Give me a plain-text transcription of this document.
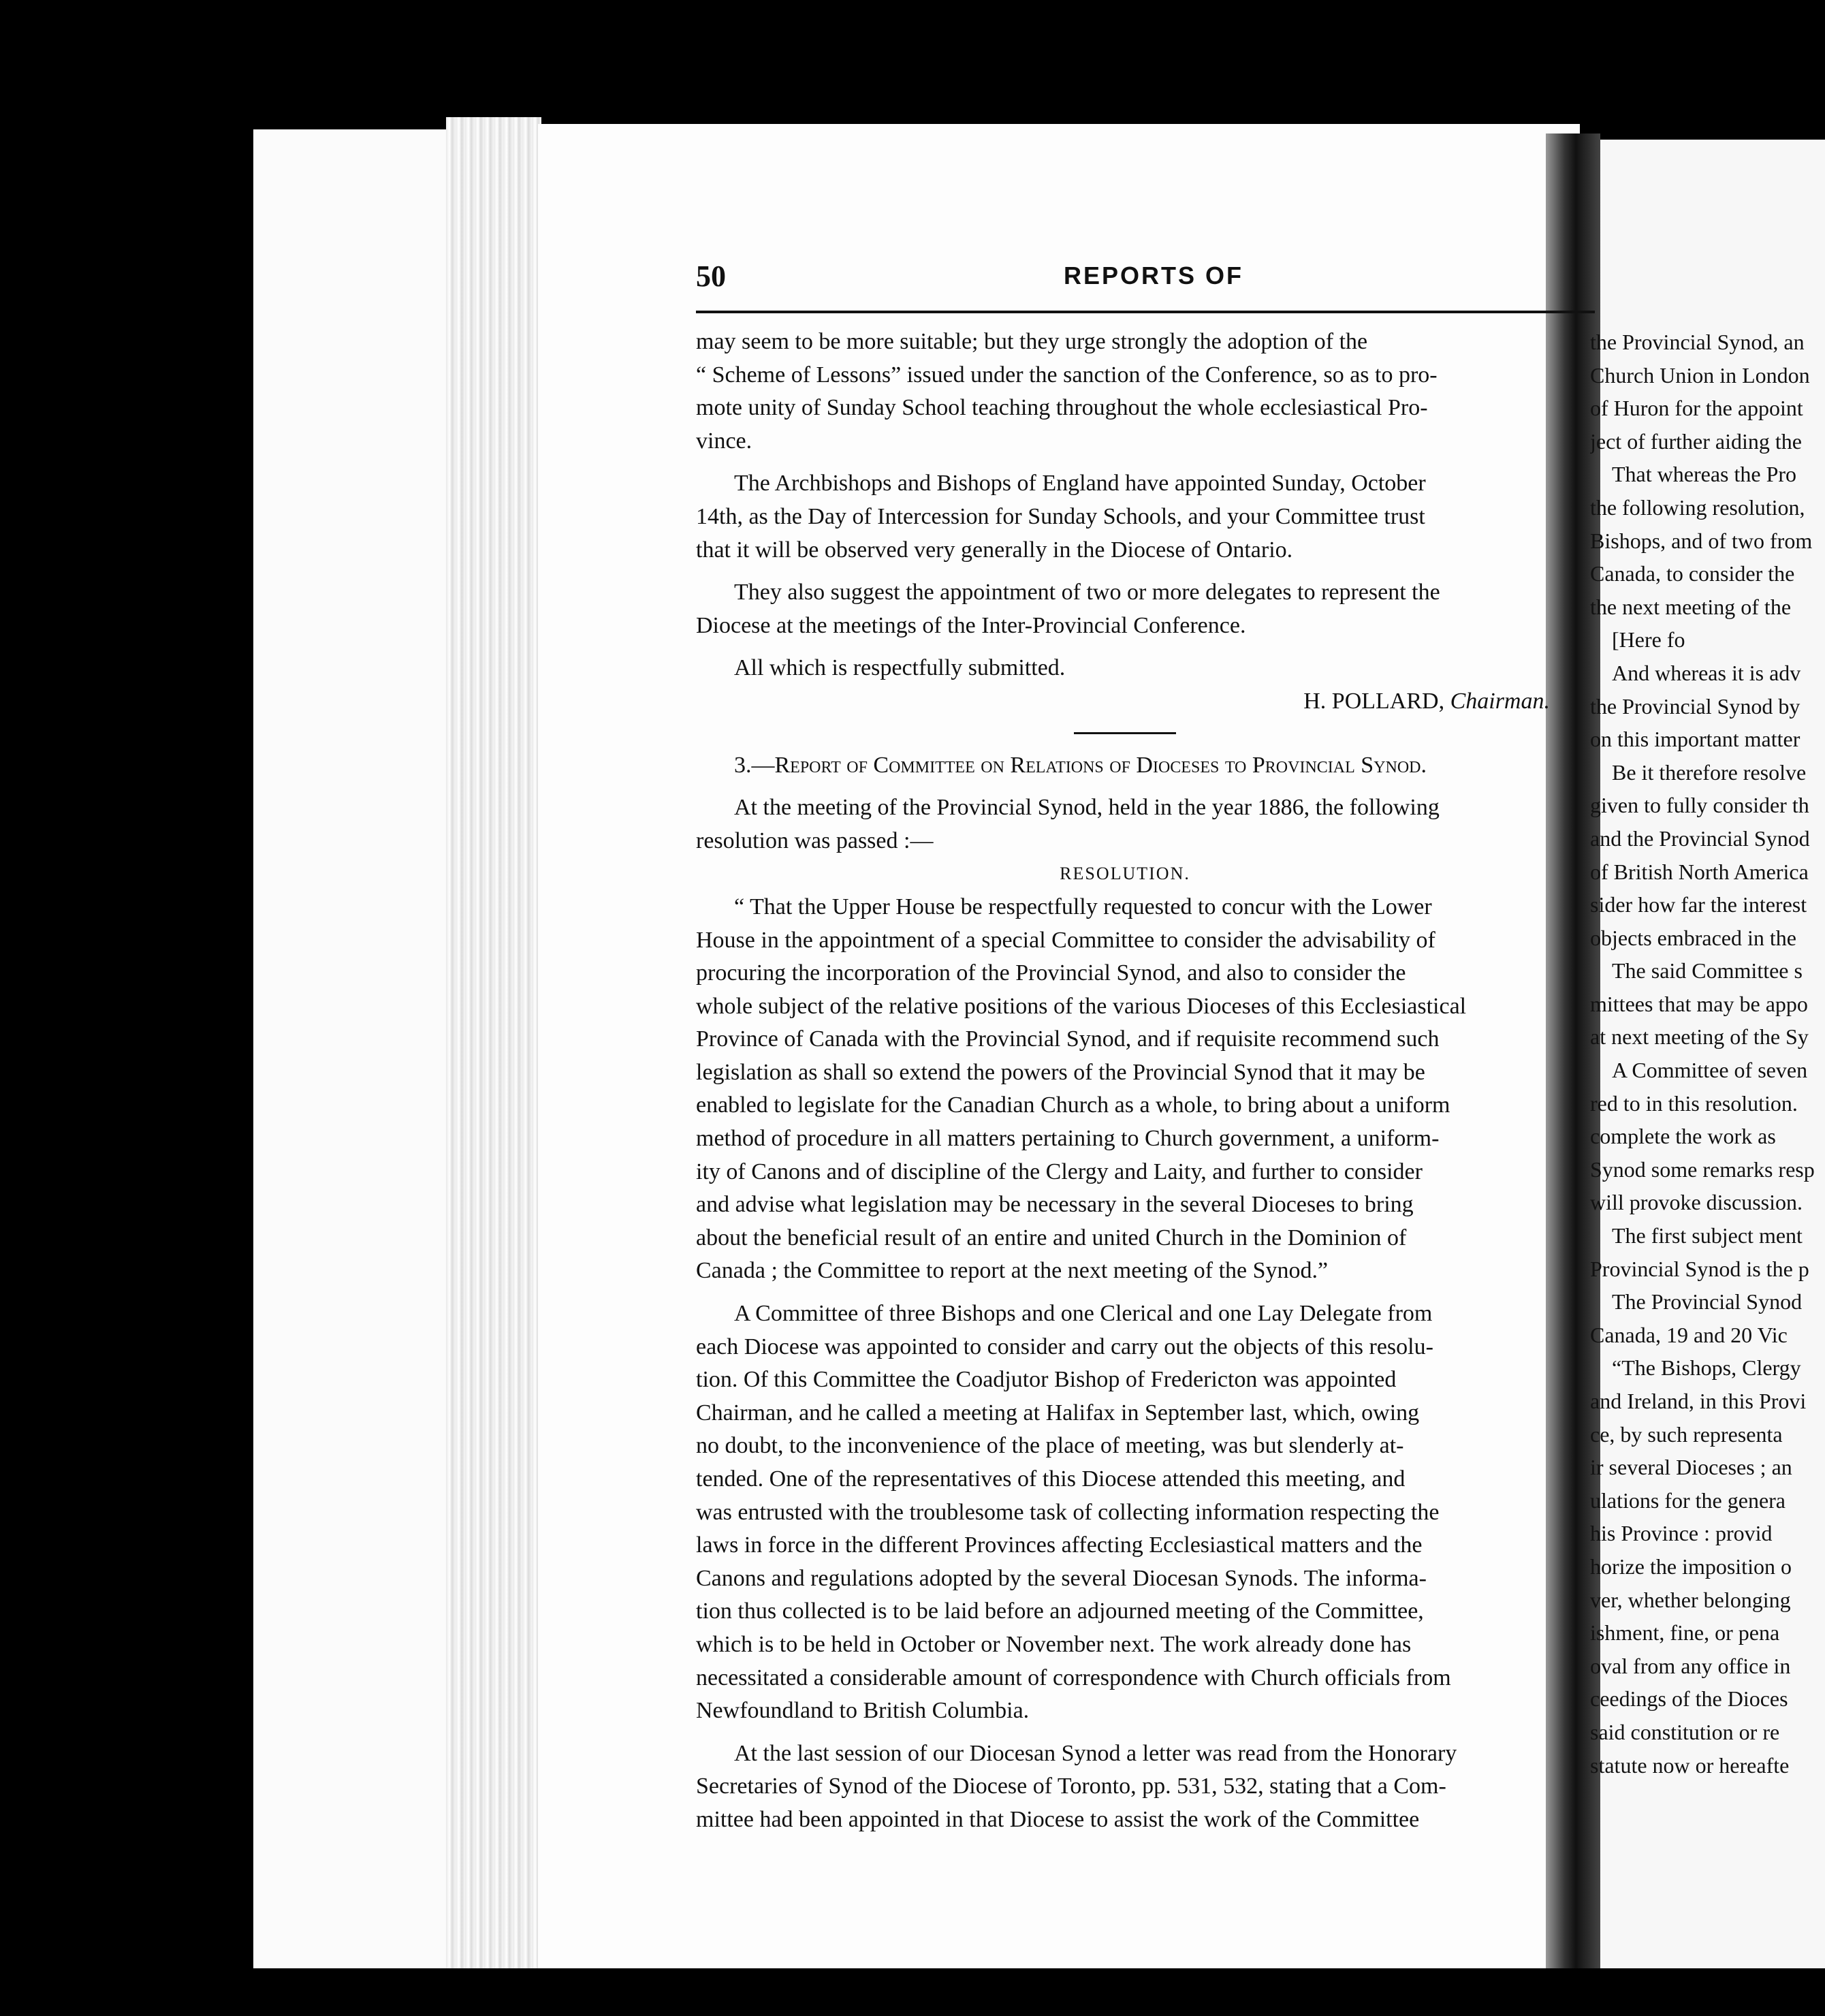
50	REPORTS OF
may seem to be more suitable; but they urge strongly the adoption of the
“ Scheme of Lessons” issued under the sanction of the Conference, so as to pro-
mote unity of Sunday School teaching throughout the whole ecclesiastical Pro-
vince.
The Archbishops and Bishops of England have appointed Sunday, October
14th, as the Day of Intercession for Sunday Schools, and your Committee trust
that it will be observed very generally in the Diocese of Ontario.
They also suggest the appointment of two or more delegates to represent the
Diocese at the meetings of the Inter-Provincial Conference.
All which is respectfully submitted.
H. POLLARD, Chairman.
3.—Report of Committee on Relations of Dioceses to Provincial Synod.
At the meeting of the Provincial Synod, held in the year 1886, the following
resolution was passed :—
RESOLUTION.
“ That the Upper House be respectfully requested to concur with the Lower
House in the appointment of a special Committee to consider the advisability of
procuring the incorporation of the Provincial Synod, and also to consider the
whole subject of the relative positions of the various Dioceses of this Ecclesiastical
Province of Canada with the Provincial Synod, and if requisite recommend such
legislation as shall so extend the powers of the Provincial Synod that it may be
enabled to legislate for the Canadian Church as a whole, to bring about a uniform
method of procedure in all matters pertaining to Church government, a uniform-
ity of Canons and of discipline of the Clergy and Laity, and further to consider
and advise what legislation may be necessary in the several Dioceses to bring
about the beneficial result of an entire and united Church in the Dominion of
Canada ; the Committee to report at the next meeting of the Synod.”
A Committee of three Bishops and one Clerical and one Lay Delegate from
each Diocese was appointed to consider and carry out the objects of this resolu-
tion. Of this Committee the Coadjutor Bishop of Fredericton was appointed
Chairman, and he called a meeting at Halifax in September last, which, owing
no doubt, to the inconvenience of the place of meeting, was but slenderly at-
tended. One of the representatives of this Diocese attended this meeting, and
was entrusted with the troublesome task of collecting information respecting the
laws in force in the different Provinces affecting Ecclesiastical matters and the
Canons and regulations adopted by the several Diocesan Synods. The informa-
tion thus collected is to be laid before an adjourned meeting of the Committee,
which is to be held in October or November next. The work already done has
necessitated a considerable amount of correspondence with Church officials from
Newfoundland to British Columbia.
At the last session of our Diocesan Synod a letter was read from the Honorary
Secretaries of Synod of the Diocese of Toronto, pp. 531, 532, stating that a Com-
mittee had been appointed in that Diocese to assist the work of the Committee
the Provincial Synod, an
Church Union in London
of Huron for the appoint
ject of further aiding the
That whereas the Pro
the following resolution,
Bishops, and of two from
Canada, to consider the
the next meeting of the
[Here fo
And whereas it is adv
the Provincial Synod by
on this important matter
Be it therefore resolve
given to fully consider th
and the Provincial Synod
of British North America
sider how far the interest
objects embraced in the
The said Committee s
mittees that may be appo
at next meeting of the Sy
A Committee of seven
red to in this resolution.
complete the work as
Synod some remarks resp
will provoke discussion.
The first subject ment
Provincial Synod is the p
The Provincial Synod
Canada, 19 and 20 Vic
“The Bishops, Clergy
and Ireland, in this Provi
ce, by such representa
ir several Dioceses ; an
ulations for the genera
his Province : provid
horize the imposition o
ver, whether belonging
ishment, fine, or pena
oval from any office in
ceedings of the Dioces
said constitution or re
statute now or hereafte
